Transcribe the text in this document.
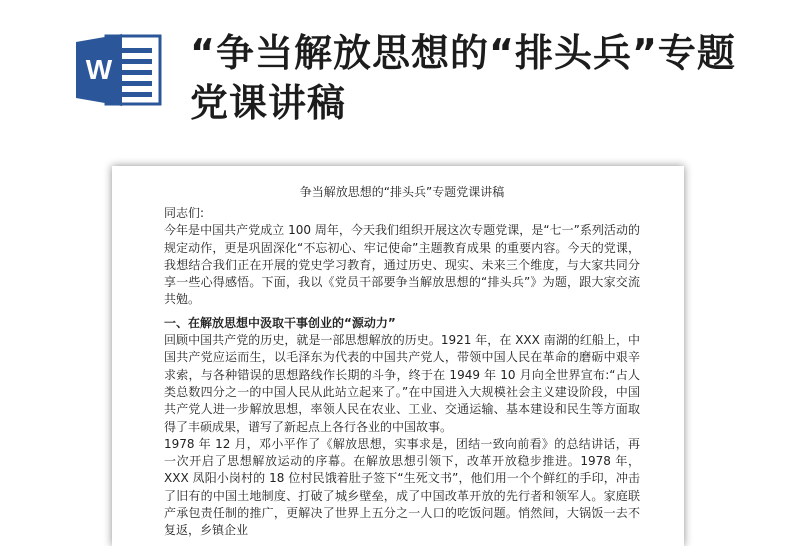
W “争当解放思想的“排头兵”专题党课讲稿
争当解放思想的“排头兵”专题党课讲稿

同志们:

今年是中国共产党成立 100 周年，今天我们组织开展这次专题党课，是“七一”系列活动的规定动作，更是巩固深化“不忘初心、牢记使命”主题教育成果 的重要内容。今天的党课，我想结合我们正在开展的党史学习教育，通过历史、现实、未来三个维度，与大家共同分享一些心得感悟。下面，我以《党员干部要争当解放思想的“排头兵”》为题，跟大家交流共勉。

一、在解放思想中汲取干事创业的“源动力”

回顾中国共产党的历史，就是一部思想解放的历史。1921 年，在 XXX 南湖的红船上，中国共产党应运而生，以毛泽东为代表的中国共产党人，带领中国人民在革命的磨砺中艰辛求索，与各种错误的思想路线作长期的斗争，终于在 1949 年 10 月向全世界宣布:“占人类总数四分之一的中国人民从此站立起来了。”在中国进入大规模社会主义建设阶段，中国共产党人进一步解放思想，率领人民在农业、工业、交通运输、基本建设和民生等方面取得了丰硕成果，谱写了新起点上各行各业的中国故事。

1978 年 12 月，邓小平作了《解放思想，实事求是，团结一致向前看》的总结讲话，再一次开启了思想解放运动的序幕。在解放思想引领下，改革开放稳步推进。1978 年，XXX 凤阳小岗村的 18 位村民饿着肚子签下“生死文书”，他们用一个个鲜红的手印，冲击了旧有的中国土地制度、打破了城乡壁垒，成了中国改革开放的先行者和领军人。家庭联产承包责任制的推广，更解决了世界上五分之一人口的吃饭问题。悄然间，大锅饭一去不复返，乡镇企业
